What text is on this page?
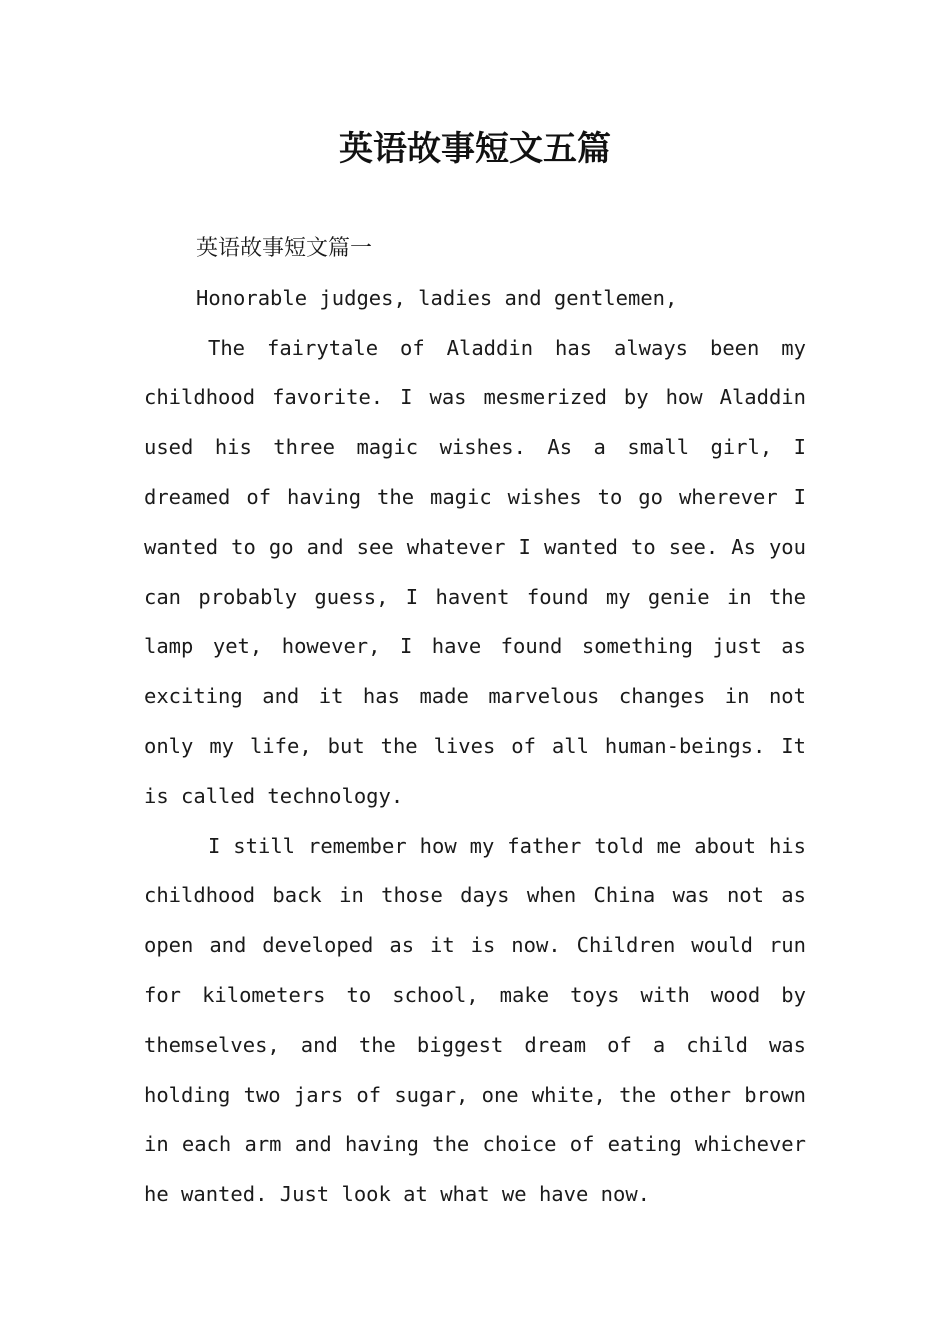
英语故事短文五篇

英语故事短文篇一

Honorable judges, ladies and gentlemen,

The fairytale of Aladdin has always been my childhood favorite. I was mesmerized by how Aladdin used his three magic wishes. As a small girl, I dreamed of having the magic wishes to go wherever I wanted to go and see whatever I wanted to see. As you can probably guess, I havent found my genie in the lamp yet, however, I have found something just as exciting and it has made marvelous changes in not only my life, but the lives of all human-beings. It is called technology.

I still remember how my father told me about his childhood back in those days when China was not as open and developed as it is now. Children would run for kilometers to school, make toys with wood by themselves, and the biggest dream of a child was holding two jars of sugar, one white, the other brown in each arm and having the choice of eating whichever he wanted. Just look at what we have now.
